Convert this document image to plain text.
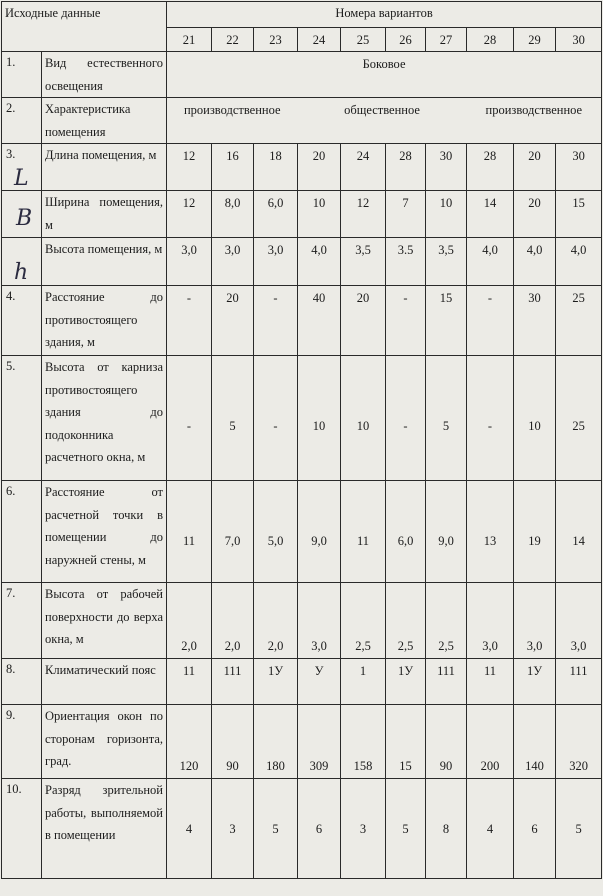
Исходные данные		Номера вариантов									
		21	22	23	24	25	26	27	28	29	30
1.	Вид естественного освещения	Боковое									
2.	Характеристика помещения	производственное			общественное				производственное		
3.	Длина помещения, м	12	16	18	20	24	28	30	28	20	30
	Ширина помещения, м	12	8,0	6,0	10	12	7	10	14	20	15
	Высота помещения, м	3,0	3,0	3,0	4,0	3,5	3.5	3,5	4,0	4,0	4,0
4.	Расстояние до противостоящего здания, м	-	20	-	40	20	-	15	-	30	25
5.	Высота от карниза противостоящего здания до подоконника расчетного окна, м	-	5	-	10	10	-	5	-	10	25
6.	Расстояние от расчетной точки в помещении до наружней стены, м	11	7,0	5,0	9,0	11	6,0	9,0	13	19	14
7.	Высота от рабочей поверхности до верха окна, м	2,0	2,0	2,0	3,0	2,5	2,5	2,5	3,0	3,0	3,0
8.	Климатический пояс	11	111	1У	У	1	1У	111	11	1У	111
9.	Ориентация окон по сторонам горизонта, град.	120	90	180	309	158	15	90	200	140	320
10.	Разряд зрительной работы, выполняемой в помещении	4	3	5	6	3	5	8	4	6	5
L
B
h
